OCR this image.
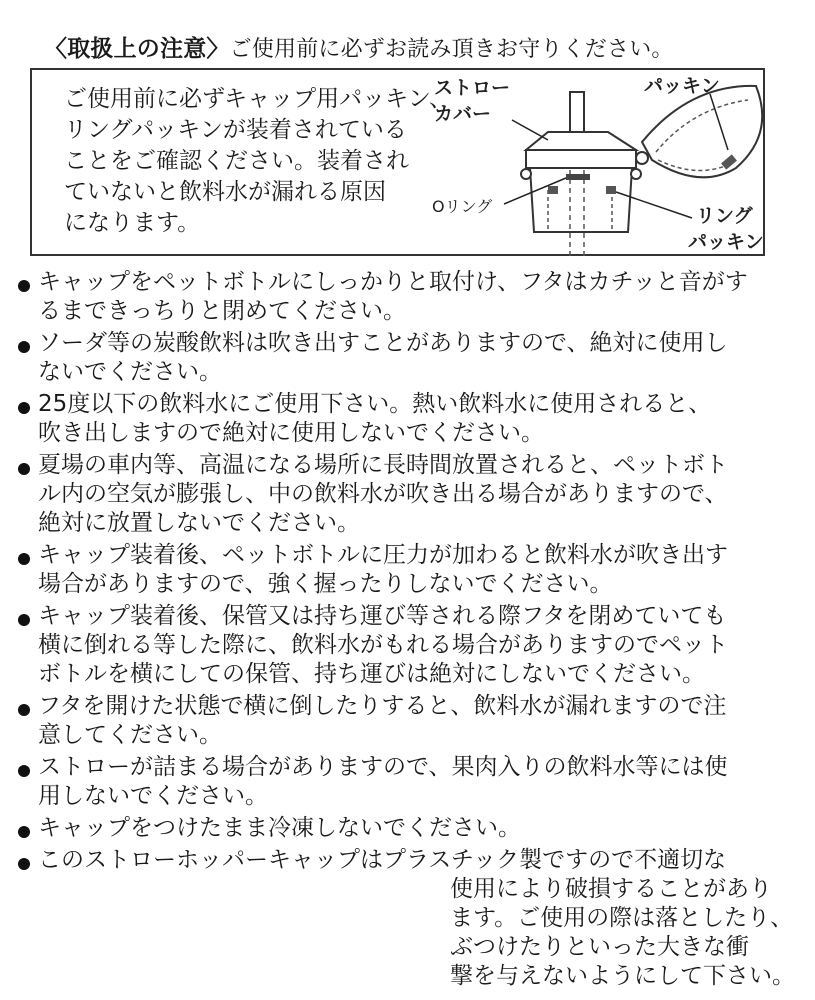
〈取扱上の注意〉ご使用前に必ずお読み頂きお守りください。
ご使用前に必ずキャップ用パッキン、
リングパッキンが装着されている
ことをご確認ください。装着され
ていないと飲料水が漏れる原因
になります。
ストロー
カバー
パッキン
Oリング	リング
パッキン
キャップをペットボトルにしっかりと取付け、フタはカチッと音がす
るまできっちりと閉めてください。
ソーダ等の炭酸飲料は吹き出すことがありますので、絶対に使用し
ないでください。
25度以下の飲料水にご使用下さい。熱い飲料水に使用されると、
吹き出しますので絶対に使用しないでください。
夏場の車内等、高温になる場所に長時間放置されると、ペットボト
ル内の空気が膨張し、中の飲料水が吹き出る場合がありますので、
絶対に放置しないでください。
キャップ装着後、ペットボトルに圧力が加わると飲料水が吹き出す
場合がありますので、強く握ったりしないでください。
キャップ装着後、保管又は持ち運び等される際フタを閉めていても
横に倒れる等した際に、飲料水がもれる場合がありますのでペット
ボトルを横にしての保管、持ち運びは絶対にしないでください。
フタを開けた状態で横に倒したりすると、飲料水が漏れますので注
意してください。
ストローが詰まる場合がありますので、果肉入りの飲料水等には使
用しないでください。
キャップをつけたまま冷凍しないでください。
このストローホッパーキャップはプラスチック製ですので不適切な
使用により破損することがあり
ます。ご使用の際は落としたり、
ぶつけたりといった大きな衝
撃を与えないようにして下さい。
